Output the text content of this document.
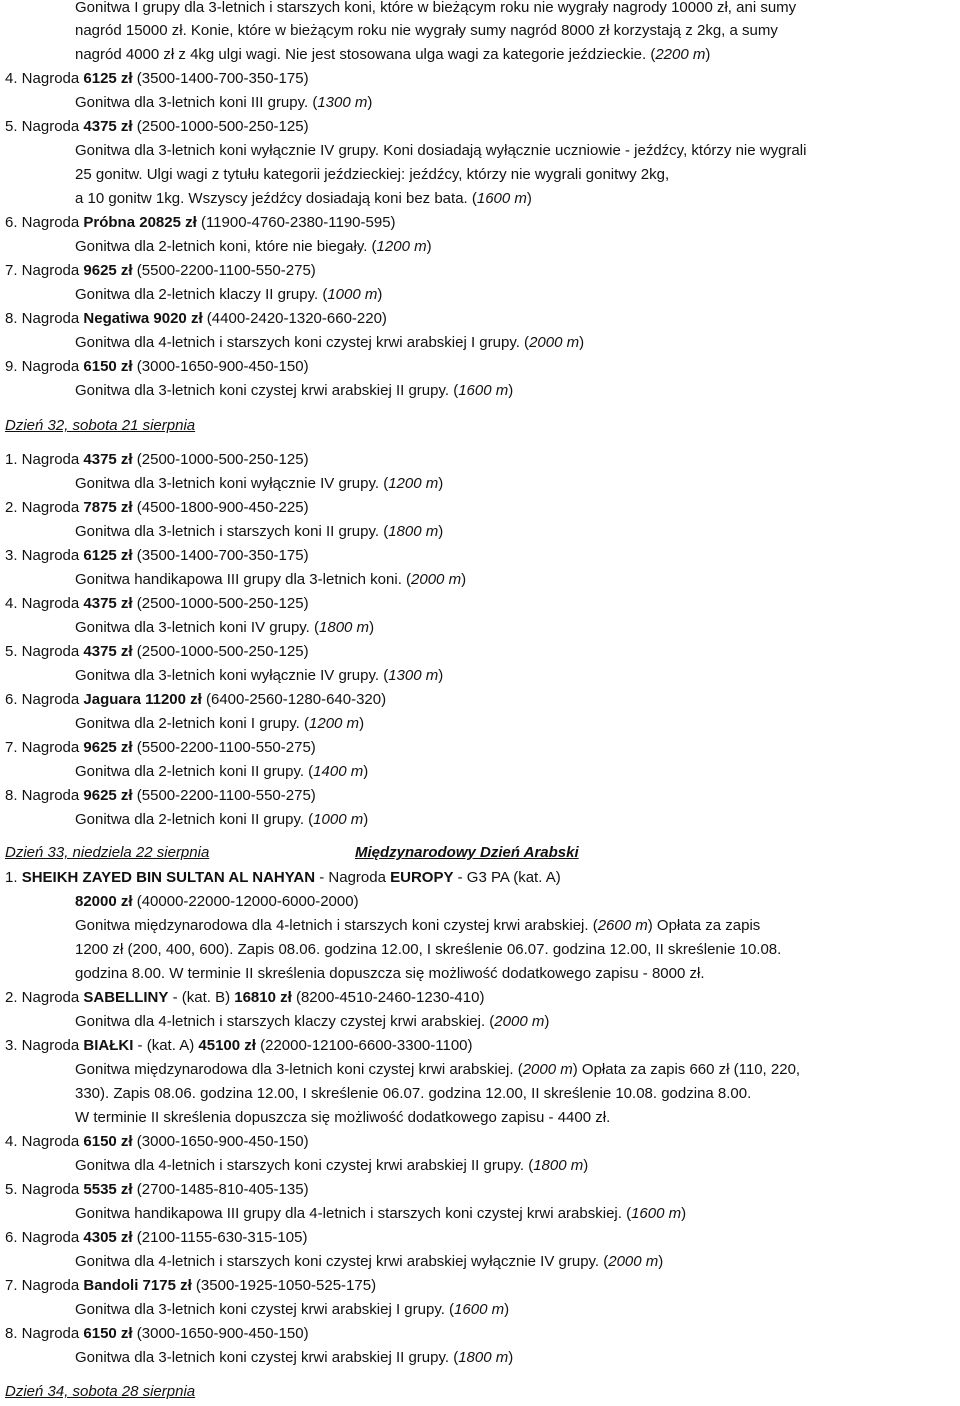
Gonitwa I grupy dla 3-letnich i starszych koni, które w bieżącym roku nie wygrały nagrody 10000 zł, ani sumy
nagród 15000 zł. Konie, które w bieżącym roku nie wygrały sumy nagród 8000 zł korzystają z 2kg, a sumy
nagród 4000 zł z 4kg ulgi wagi. Nie jest stosowana ulga wagi za kategorie jeździeckie. (2200 m)
4. Nagroda 6125 zł (3500-1400-700-350-175)
Gonitwa dla 3-letnich koni III grupy. (1300 m)
5. Nagroda 4375 zł (2500-1000-500-250-125)
Gonitwa dla 3-letnich koni wyłącznie IV grupy. Koni dosiadają wyłącznie uczniowie - jeźdźcy, którzy nie wygrali
25 gonitw. Ulgi wagi z tytułu kategorii jeździeckiej: jeźdźcy, którzy nie wygrali gonitwy 2kg,
a 10 gonitw 1kg. Wszyscy jeźdźcy dosiadają koni bez bata. (1600 m)
6. Nagroda Próbna 20825 zł (11900-4760-2380-1190-595)
Gonitwa dla 2-letnich koni, które nie biegały. (1200 m)
7. Nagroda 9625 zł (5500-2200-1100-550-275)
Gonitwa dla 2-letnich klaczy II grupy. (1000 m)
8. Nagroda Negatiwa 9020 zł (4400-2420-1320-660-220)
Gonitwa dla 4-letnich i starszych koni czystej krwi arabskiej I grupy. (2000 m)
9. Nagroda 6150 zł (3000-1650-900-450-150)
Gonitwa dla 3-letnich koni czystej krwi arabskiej II grupy. (1600 m)
Dzień 32, sobota 21 sierpnia
1. Nagroda 4375 zł (2500-1000-500-250-125)
Gonitwa dla 3-letnich koni wyłącznie IV grupy. (1200 m)
2. Nagroda 7875 zł (4500-1800-900-450-225)
Gonitwa dla 3-letnich i starszych koni II grupy. (1800 m)
3. Nagroda 6125 zł (3500-1400-700-350-175)
Gonitwa handikapowa III grupy dla 3-letnich koni. (2000 m)
4. Nagroda 4375 zł (2500-1000-500-250-125)
Gonitwa dla 3-letnich koni IV grupy. (1800 m)
5. Nagroda 4375 zł (2500-1000-500-250-125)
Gonitwa dla 3-letnich koni wyłącznie IV grupy. (1300 m)
6. Nagroda Jaguara 11200 zł (6400-2560-1280-640-320)
Gonitwa dla 2-letnich koni I grupy. (1200 m)
7. Nagroda 9625 zł (5500-2200-1100-550-275)
Gonitwa dla 2-letnich koni II grupy. (1400 m)
8. Nagroda 9625 zł (5500-2200-1100-550-275)
Gonitwa dla 2-letnich koni II grupy. (1000 m)
Dzień 33, niedziela 22 sierpnia	Międzynarodowy Dzień Arabski
1. SHEIKH ZAYED BIN SULTAN AL NAHYAN - Nagroda EUROPY - G3 PA (kat. A)
82000 zł (40000-22000-12000-6000-2000)
Gonitwa międzynarodowa dla 4-letnich i starszych koni czystej krwi arabskiej. (2600 m) Opłata za zapis
1200 zł (200, 400, 600). Zapis 08.06. godzina 12.00, I skreślenie 06.07. godzina 12.00, II skreślenie 10.08.
godzina 8.00. W terminie II skreślenia dopuszcza się możliwość dodatkowego zapisu - 8000 zł.
2. Nagroda SABELLINY - (kat. B) 16810 zł (8200-4510-2460-1230-410)
Gonitwa dla 4-letnich i starszych klaczy czystej krwi arabskiej. (2000 m)
3. Nagroda BIAŁKI - (kat. A) 45100 zł (22000-12100-6600-3300-1100)
Gonitwa międzynarodowa dla 3-letnich koni czystej krwi arabskiej. (2000 m) Opłata za zapis 660 zł (110, 220,
330). Zapis 08.06. godzina 12.00, I skreślenie 06.07. godzina 12.00, II skreślenie 10.08. godzina 8.00.
W terminie II skreślenia dopuszcza się możliwość dodatkowego zapisu - 4400 zł.
4. Nagroda 6150 zł (3000-1650-900-450-150)
Gonitwa dla 4-letnich i starszych koni czystej krwi arabskiej II grupy. (1800 m)
5. Nagroda 5535 zł (2700-1485-810-405-135)
Gonitwa handikapowa III grupy dla 4-letnich i starszych koni czystej krwi arabskiej. (1600 m)
6. Nagroda 4305 zł (2100-1155-630-315-105)
Gonitwa dla 4-letnich i starszych koni czystej krwi arabskiej wyłącznie IV grupy. (2000 m)
7. Nagroda Bandoli 7175 zł (3500-1925-1050-525-175)
Gonitwa dla 3-letnich koni czystej krwi arabskiej I grupy. (1600 m)
8. Nagroda 6150 zł (3000-1650-900-450-150)
Gonitwa dla 3-letnich koni czystej krwi arabskiej II grupy. (1800 m)
Dzień 34, sobota 28 sierpnia
